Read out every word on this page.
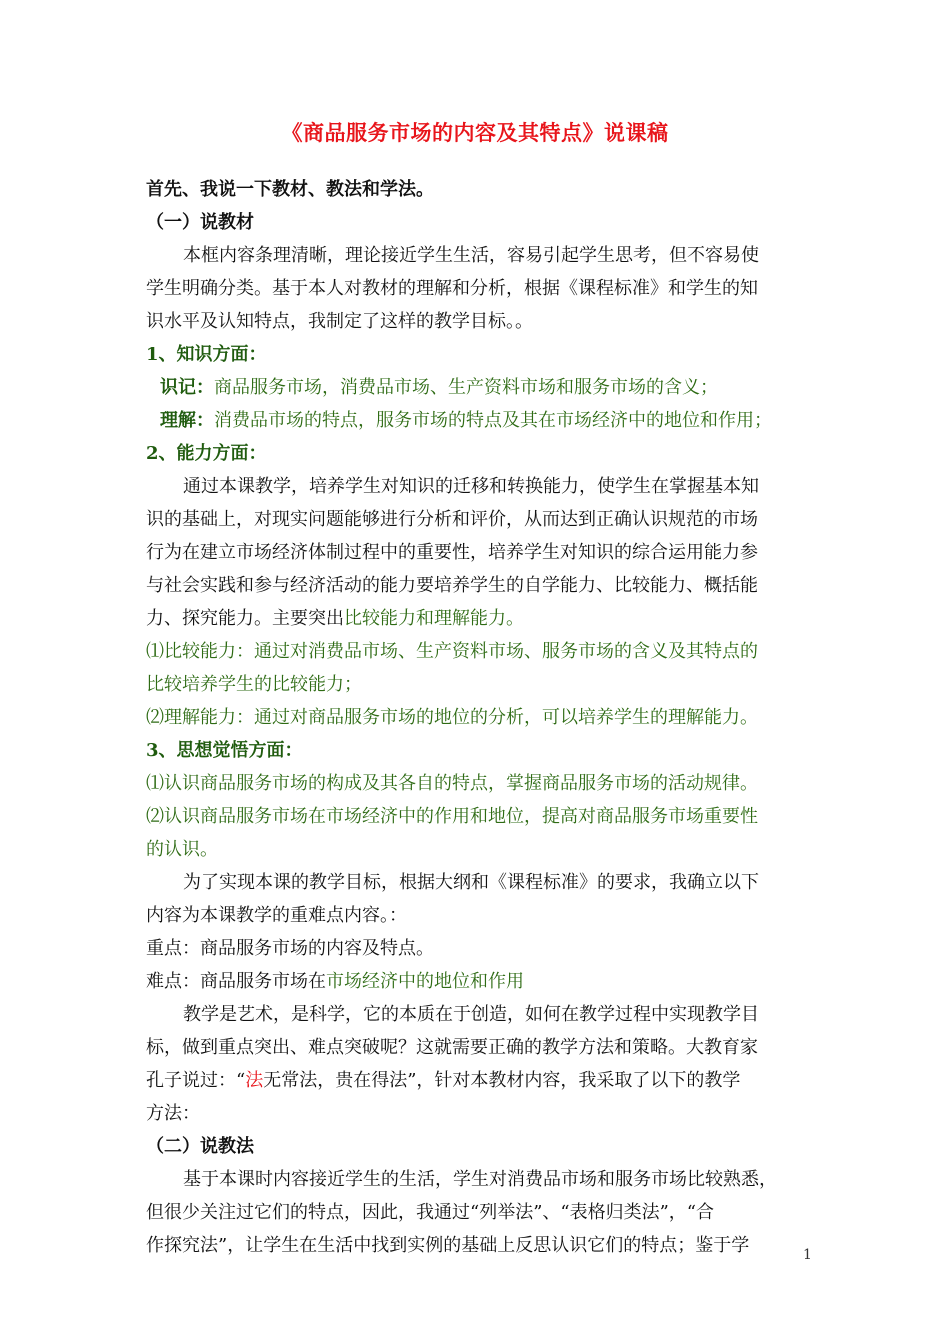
《商品服务市场的内容及其特点》说课稿
首先、我说一下教材、教法和学法。
（一）说教材
本框内容条理清晰，理论接近学生生活，容易引起学生思考，但不容易使
学生明确分类。基于本人对教材的理解和分析，根据《课程标准》和学生的知
识水平及认知特点，我制定了这样的教学目标。。
1、知识方面：
识记：商品服务市场，消费品市场、生产资料市场和服务市场的含义；
理解：消费品市场的特点，服务市场的特点及其在市场经济中的地位和作用；
2、能力方面：
通过本课教学，培养学生对知识的迁移和转换能力，使学生在掌握基本知
识的基础上，对现实问题能够进行分析和评价，从而达到正确认识规范的市场
行为在建立市场经济体制过程中的重要性，培养学生对知识的综合运用能力参
与社会实践和参与经济活动的能力要培养学生的自学能力、比较能力、概括能
力、探究能力。主要突出比较能力和理解能力。
⑴比较能力：通过对消费品市场、生产资料市场、服务市场的含义及其特点的
比较培养学生的比较能力；
⑵理解能力：通过对商品服务市场的地位的分析，可以培养学生的理解能力。
3、思想觉悟方面：
⑴认识商品服务市场的构成及其各自的特点，掌握商品服务市场的活动规律。
⑵认识商品服务市场在市场经济中的作用和地位，提高对商品服务市场重要性
的认识。
为了实现本课的教学目标，根据大纲和《课程标准》的要求，我确立以下
内容为本课教学的重难点内容。：
重点：商品服务市场的内容及特点。
难点：商品服务市场在市场经济中的地位和作用
教学是艺术，是科学，它的本质在于创造，如何在教学过程中实现教学目
标，做到重点突出、难点突破呢？这就需要正确的教学方法和策略。大教育家
孔子说过：“法无常法，贵在得法”，针对本教材内容，我采取了以下的教学
方法：
（二）说教法
基于本课时内容接近学生的生活，学生对消费品市场和服务市场比较熟悉，
但很少关注过它们的特点，因此，我通过“列举法”、“表格归类法”，“合
作探究法”，让学生在生活中找到实例的基础上反思认识它们的特点；鉴于学	1
